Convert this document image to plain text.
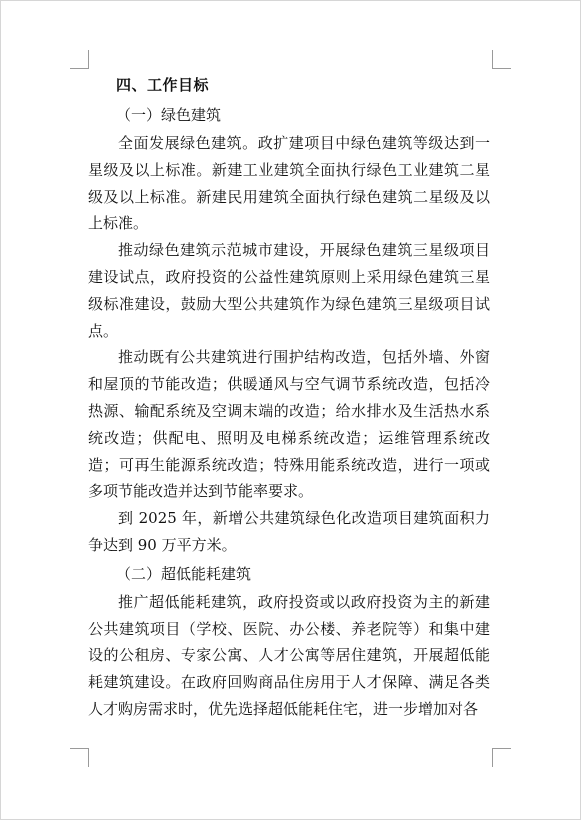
四、工作目标
（一）绿色建筑

全面发展绿色建筑。政扩建项目中绿色建筑等级达到一星级及以上标准。新建工业建筑全面执行绿色工业建筑二星级及以上标准。新建民用建筑全面执行绿色建筑二星级及以上标准。

推动绿色建筑示范城市建设，开展绿色建筑三星级项目建设试点，政府投资的公益性建筑原则上采用绿色建筑三星级标准建设，鼓励大型公共建筑作为绿色建筑三星级项目试点。

推动既有公共建筑进行围护结构改造，包括外墙、外窗和屋顶的节能改造；供暖通风与空气调节系统改造，包括冷热源、输配系统及空调末端的改造；给水排水及生活热水系统改造；供配电、照明及电梯系统改造；运维管理系统改造；可再生能源系统改造；特殊用能系统改造，进行一项或多项节能改造并达到节能率要求。

到 2025 年，新增公共建筑绿色化改造项目建筑面积力争达到 90 万平方米。

（二）超低能耗建筑

推广超低能耗建筑，政府投资或以政府投资为主的新建公共建筑项目（学校、医院、办公楼、养老院等）和集中建设的公租房、专家公寓、人才公寓等居住建筑，开展超低能耗建筑建设。在政府回购商品住房用于人才保障、满足各类人才购房需求时，优先选择超低能耗住宅，进一步增加对各
